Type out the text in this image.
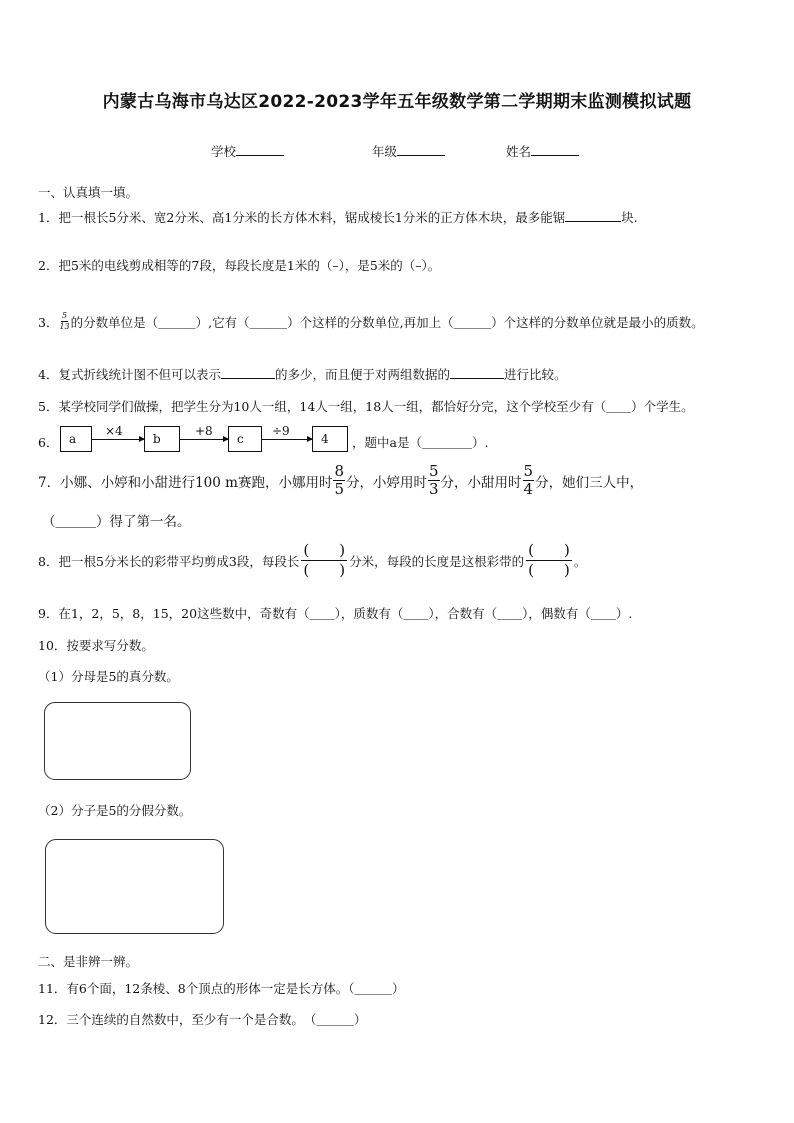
内蒙古乌海市乌达区2022-2023学年五年级数学第二学期期末监测模拟试题
学校	年级	姓名
一、认真填一填。
1．把一根长5分米、宽2分米、高1分米的长方体木料，锯成棱长1分米的正方体木块，最多能锯	块.
2．把5米的电线剪成相等的7段，每段长度是1米的（–），是5米的（–）。
3． $\frac{5}{13}$ 的分数单位是（＿＿＿）,它有（＿＿＿）个这样的分数单位,再加上（＿＿＿）个这样的分数单位就是最小的质数。
4．复式折线统计图不但可以表示	的多少，而且便于对两组数据的	进行比较。
5．某学校同学们做操，把学生分为10人一组，14人一组，18人一组，都恰好分完，这个学校至少有（＿＿）个学生。
6． a
×4
b
+8
c
÷9
4	，题中a是（＿＿＿＿）.
7． 小娜、小婷和小甜进行100 m赛跑，小娜用时 $\frac{8}{5}$ 分，小婷用时 $\frac{5}{3}$ 分，小甜用时 $\frac{5}{4}$ 分，她们三人中，
（＿＿＿）得了第一名。
8． 把一根5分米长的彩带平均剪成3段，每段长
(　　)
(　　) 分米，每段的长度是这根彩带的
(　　)
(　　) 。
9．在1，2，5，8，15，20这些数中，奇数有（＿＿），质数有（＿＿），合数有（＿＿），偶数有（＿＿）.
10．按要求写分数。
（1）分母是5的真分数。
（2）分子是5的分假分数。
二、是非辨一辨。
11．有6个面，12条棱、8个顶点的形体一定是长方体。（＿＿＿）
12．三个连续的自然数中，至少有一个是合数。　（＿＿＿）
